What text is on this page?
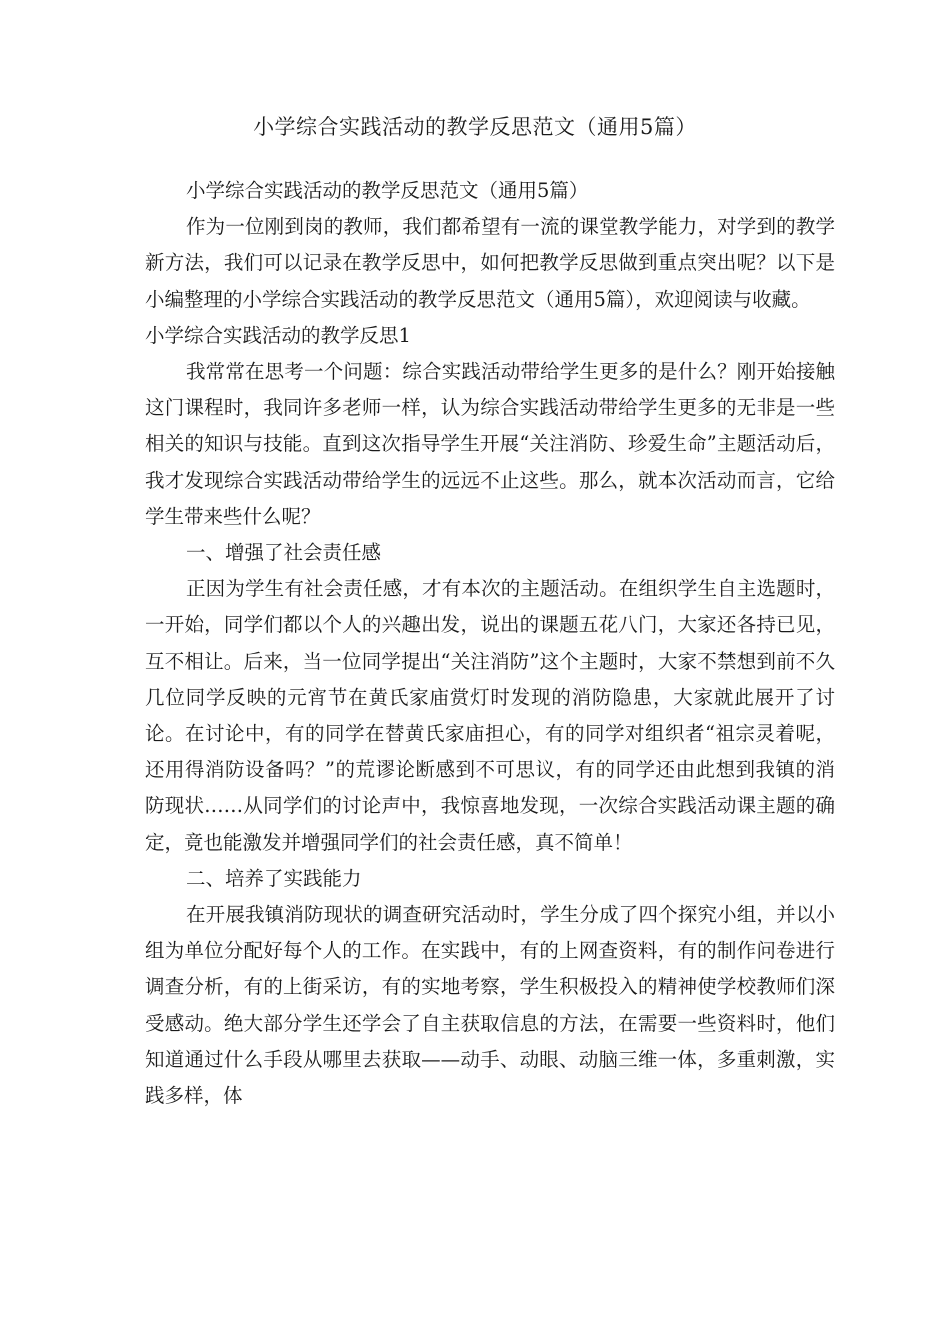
小学综合实践活动的教学反思范文（通用5篇）

小学综合实践活动的教学反思范文（通用5篇）

作为一位刚到岗的教师，我们都希望有一流的课堂教学能力，对学到的教学新方法，我们可以记录在教学反思中，如何把教学反思做到重点突出呢？以下是小编整理的小学综合实践活动的教学反思范文（通用5篇），欢迎阅读与收藏。

小学综合实践活动的教学反思1

我常常在思考一个问题：综合实践活动带给学生更多的是什么？刚开始接触这门课程时，我同许多老师一样，认为综合实践活动带给学生更多的无非是一些相关的知识与技能。直到这次指导学生开展“关注消防、珍爱生命”主题活动后，我才发现综合实践活动带给学生的远远不止这些。那么，就本次活动而言，它给学生带来些什么呢？

一、增强了社会责任感

正因为学生有社会责任感，才有本次的主题活动。在组织学生自主选题时，一开始，同学们都以个人的兴趣出发，说出的课题五花八门，大家还各持已见，互不相让。后来，当一位同学提出“关注消防”这个主题时，大家不禁想到前不久几位同学反映的元宵节在黄氏家庙赏灯时发现的消防隐患，大家就此展开了讨论。在讨论中，有的同学在替黄氏家庙担心，有的同学对组织者“祖宗灵着呢，还用得消防设备吗？”的荒谬论断感到不可思议，有的同学还由此想到我镇的消防现状……从同学们的讨论声中，我惊喜地发现，一次综合实践活动课主题的确定，竟也能激发并增强同学们的社会责任感，真不简单！

二、培养了实践能力

在开展我镇消防现状的调查研究活动时，学生分成了四个探究小组，并以小组为单位分配好每个人的工作。在实践中，有的上网查资料，有的制作问卷进行调查分析，有的上街采访，有的实地考察，学生积极投入的精神使学校教师们深受感动。绝大部分学生还学会了自主获取信息的方法，在需要一些资料时，他们知道通过什么手段从哪里去获取——动手、动眼、动脑三维一体，多重刺激，实践多样，体
